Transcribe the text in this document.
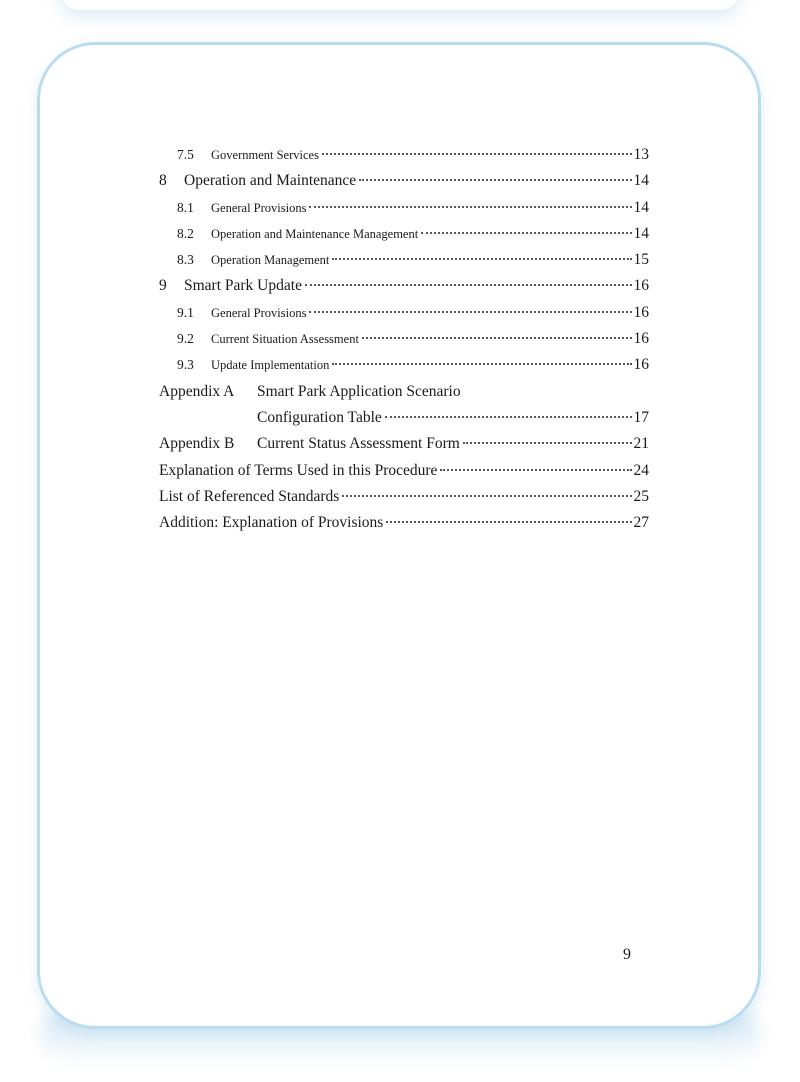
7.5	Government Services	13
8	Operation and Maintenance	14
8.1	General Provisions	14
8.2	Operation and Maintenance Management	14
8.3	Operation Management	15
9	Smart Park Update	16
9.1	General Provisions	16
9.2	Current Situation Assessment	16
9.3	Update Implementation	16
Appendix A	Smart Park Application Scenario
Configuration Table	17
Appendix B	Current Status Assessment Form	21
Explanation of Terms Used in this Procedure	24
List of Referenced Standards	25
Addition: Explanation of Provisions	27
9
